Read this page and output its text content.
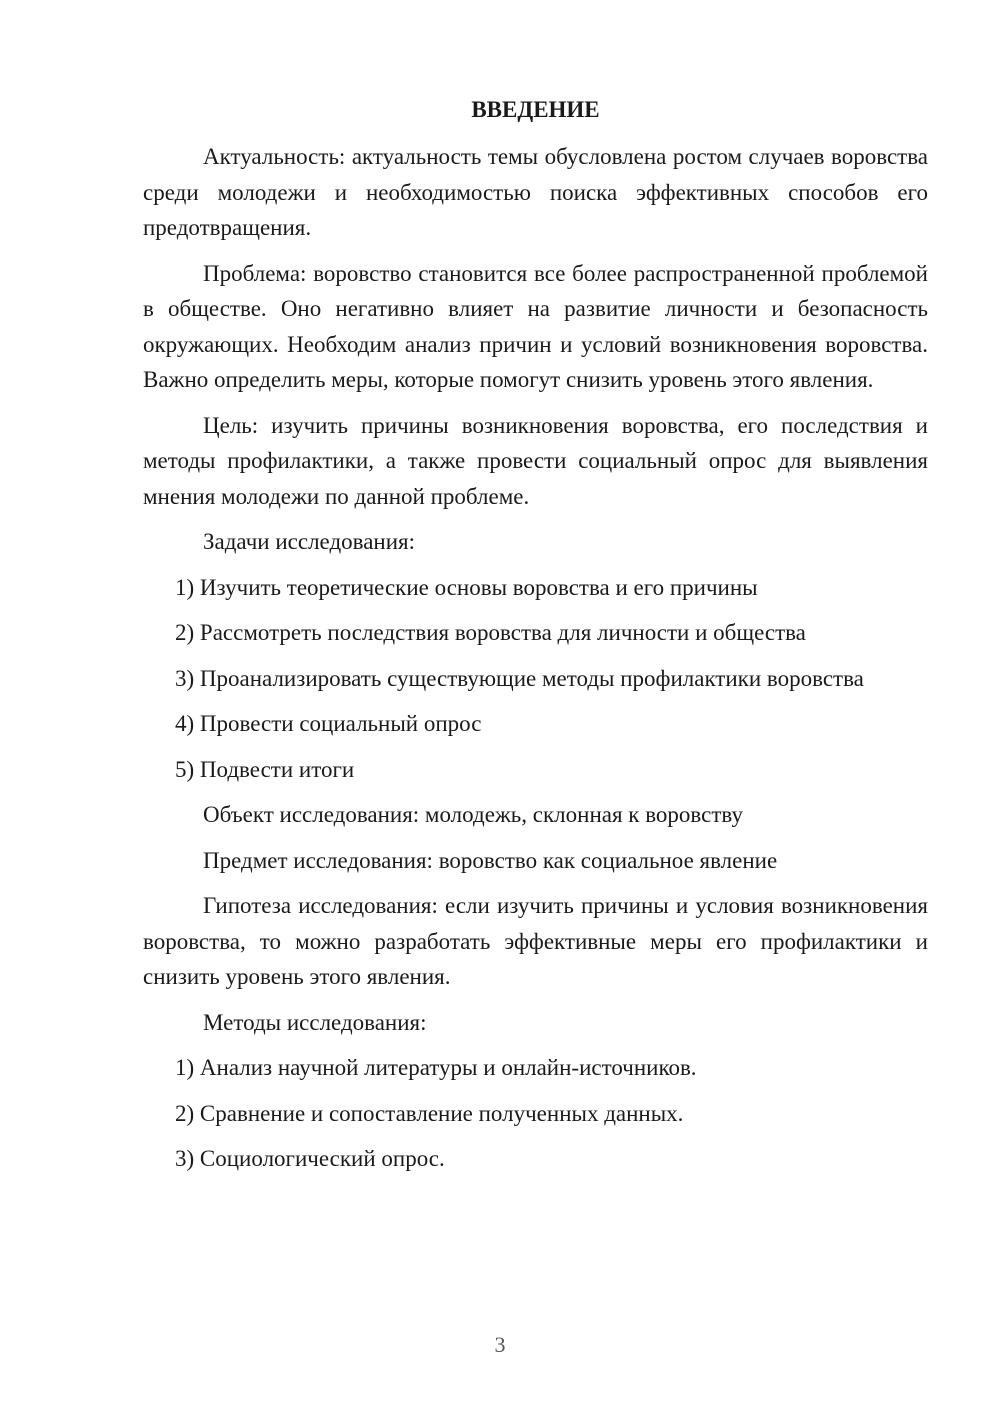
ВВЕДЕНИЕ

Актуальность: актуальность темы обусловлена ростом случаев воровства среди молодежи и необходимостью поиска эффективных способов его предотвращения.

Проблема: воровство становится все более распространенной проблемой в обществе. Оно негативно влияет на развитие личности и безопасность окружающих. Необходим анализ причин и условий возникновения воровства. Важно определить меры, которые помогут снизить уровень этого явления.

Цель: изучить причины возникновения воровства, его последствия и методы профилактики, а также провести социальный опрос для выявления мнения молодежи по данной проблеме.

Задачи исследования:

1) Изучить теоретические основы воровства и его причины
2) Рассмотреть последствия воровства для личности и общества
3) Проанализировать существующие методы профилактики воровства
4) Провести социальный опрос
5) Подвести итоги

Объект исследования: молодежь, склонная к воровству

Предмет исследования: воровство как социальное явление

Гипотеза исследования: если изучить причины и условия возникновения воровства, то можно разработать эффективные меры его профилактики и снизить уровень этого явления.

Методы исследования:

1) Анализ научной литературы и онлайн-источников.
2) Сравнение и сопоставление полученных данных.
3) Социологический опрос.
3
